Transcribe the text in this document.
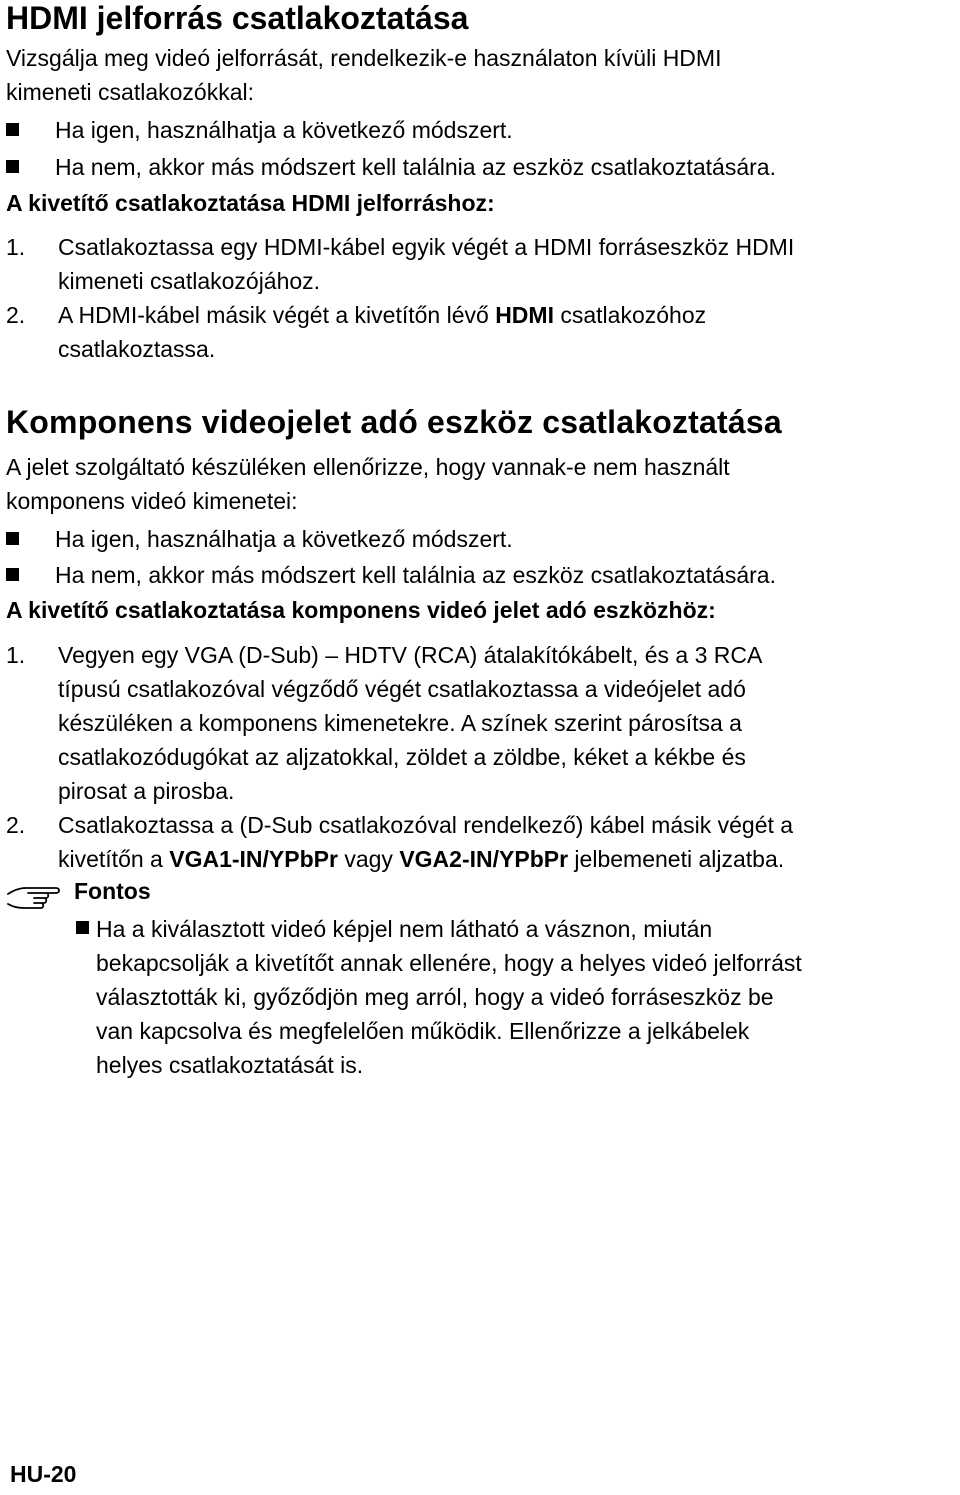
HDMI jelforrás csatlakoztatása
Vizsgálja meg videó jelforrását, rendelkezik-e használaton kívüli HDMI
kimeneti csatlakozókkal:
Ha igen, használhatja a következő módszert.
Ha nem, akkor más módszert kell találnia az eszköz csatlakoztatására.
A kivetítő csatlakoztatása HDMI jelforráshoz:
1. Csatlakoztassa egy HDMI-kábel egyik végét a HDMI forráseszköz HDMI
kimeneti csatlakozójához.
2. A HDMI-kábel másik végét a kivetítőn lévő HDMI csatlakozóhoz
csatlakoztassa.
Komponens videojelet adó eszköz csatlakoztatása
A jelet szolgáltató készüléken ellenőrizze, hogy vannak-e nem használt
komponens videó kimenetei:
Ha igen, használhatja a következő módszert.
Ha nem, akkor más módszert kell találnia az eszköz csatlakoztatására.
A kivetítő csatlakoztatása komponens videó jelet adó eszközhöz:
1. Vegyen egy VGA (D-Sub) – HDTV (RCA) átalakítókábelt, és a 3 RCA
típusú csatlakozóval végződő végét csatlakoztassa a videójelet adó
készüléken a komponens kimenetekre. A színek szerint párosítsa a
csatlakozódugókat az aljzatokkal, zöldet a zöldbe, kéket a kékbe és
pirosat a pirosba.
2. Csatlakoztassa a (D-Sub csatlakozóval rendelkező) kábel másik végét a
kivetítőn a VGA1-IN/YPbPr vagy VGA2-IN/YPbPr jelbemeneti aljzatba.
Fontos
Ha a kiválasztott videó képjel nem látható a vásznon, miután
bekapcsolják a kivetítőt annak ellenére, hogy a helyes videó jelforrást
választották ki, győződjön meg arról, hogy a videó forráseszköz be
van kapcsolva és megfelelően működik. Ellenőrizze a jelkábelek
helyes csatlakoztatását is.
HU-20
